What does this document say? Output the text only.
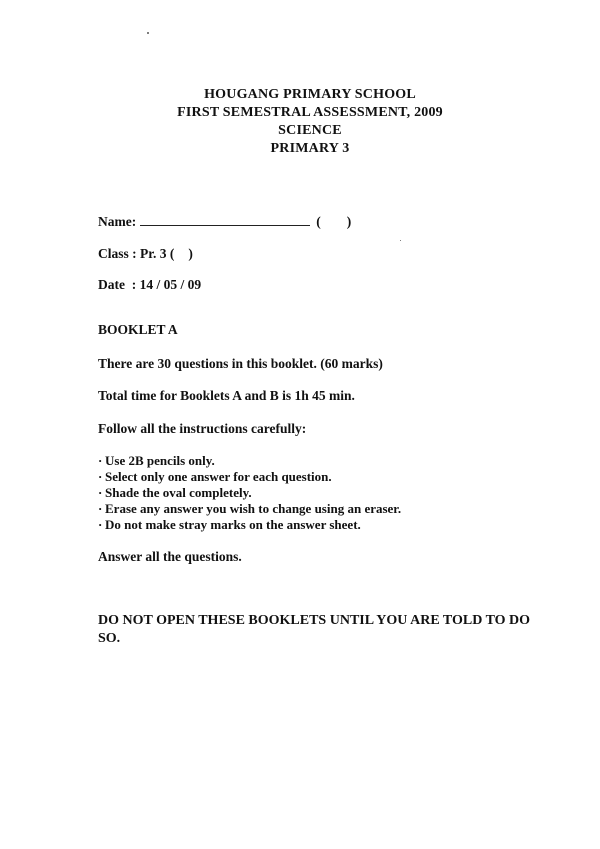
HOUGANG PRIMARY SCHOOL
FIRST SEMESTRAL ASSESSMENT, 2009
SCIENCE
PRIMARY 3
Name:	( )
Class : Pr. 3 ( )
Date : 14 / 05 / 09
BOOKLET A
There are 30 questions in this booklet. (60 marks)
Total time for Booklets A and B is 1h 45 min.
Follow all the instructions carefully:
· Use 2B pencils only.
· Select only one answer for each question.
· Shade the oval completely.
· Erase any answer you wish to change using an eraser.
· Do not make stray marks on the answer sheet.
Answer all the questions.
DO NOT OPEN THESE BOOKLETS UNTIL YOU ARE TOLD TO DO SO.
